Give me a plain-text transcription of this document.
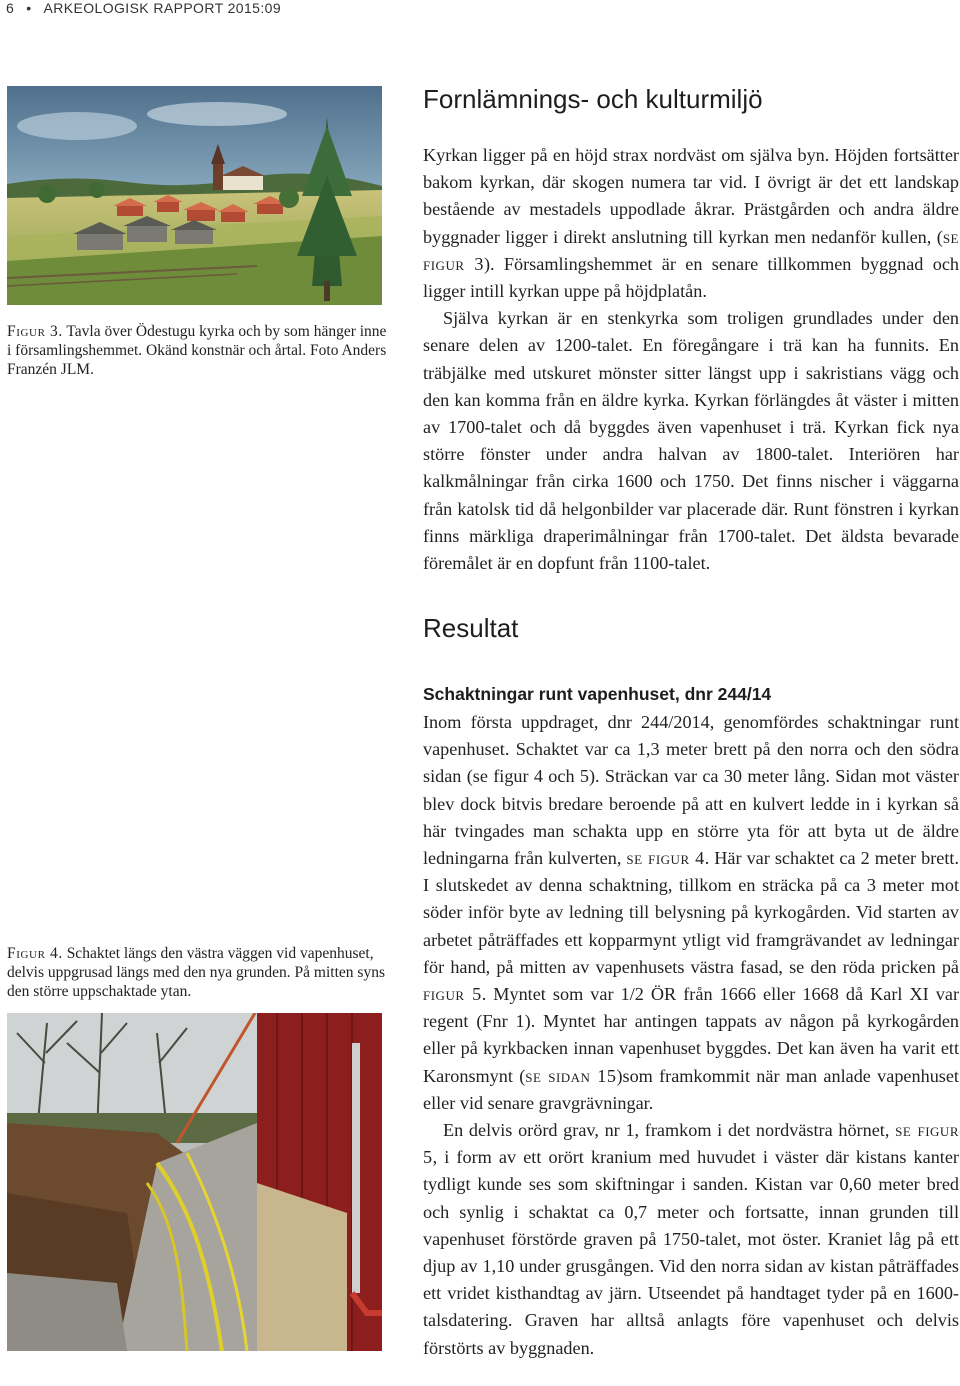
6 • ARKEOLOGISK RAPPORT 2015:09
Figur 3. Tavla över Ödestugu kyrka och by som hänger inne i församlingshemmet. Okänd konstnär och årtal. Foto Anders Franzén JLM.
Figur 4. Schaktet längs den västra väggen vid vapenhuset, delvis uppgrusad längs med den nya grunden. På mitten syns den större uppschaktade ytan.
Fornlämnings- och kulturmiljö

Kyrkan ligger på en höjd strax nordväst om själva byn. Höjden fortsätter bakom kyrkan, där skogen numera tar vid. I övrigt är det ett landskap bestående av mestadels uppodlade åkrar. Prästgården och andra äldre byggnader ligger i direkt anslutning till kyrkan men nedanför kullen, (se figur 3). Församlingshemmet är en senare tillkommen byggnad och ligger intill kyrkan uppe på höjdplatån.

Själva kyrkan är en stenkyrka som troligen grundlades under den senare delen av 1200-talet. En föregångare i trä kan ha funnits. En träbjälke med utskuret mönster sitter längst upp i sakristians vägg och den kan komma från en äldre kyrka. Kyrkan förlängdes åt väster i mitten av 1700-talet och då byggdes även vapenhuset i trä. Kyrkan fick nya större fönster under andra halvan av 1800-talet. Interiören har kalkmålningar från cirka 1600 och 1750. Det finns nischer i väggarna från katolsk tid då helgonbilder var placerade där. Runt fönstren i kyrkan finns märkliga draperimålningar från 1700-talet. Det äldsta bevarade föremålet är en dopfunt från 1100-talet.

Resultat
Schaktningar runt vapenhuset, dnr 244/14

Inom första uppdraget, dnr 244/2014, genomfördes schaktningar runt vapenhuset. Schaktet var ca 1,3 meter brett på den norra och den södra sidan (se figur 4 och 5). Sträckan var ca 30 meter lång. Sidan mot väster blev dock bitvis bredare beroende på att en kulvert ledde in i kyrkan så här tvingades man schakta upp en större yta för att byta ut de äldre ledningarna från kulverten, se figur 4. Här var schaktet ca 2 meter brett. I slutskedet av denna schaktning, tillkom en sträcka på ca 3 meter mot söder inför byte av ledning till belysning på kyrkogården. Vid starten av arbetet påträffades ett kopparmynt ytligt vid framgrävandet av ledningar för hand, på mitten av vapenhusets västra fasad, se den röda pricken på figur 5. Myntet som var 1/2 ÖR från 1666 eller 1668 då Karl XI var regent (Fnr 1). Myntet har antingen tappats av någon på kyrkogården eller på kyrkbacken innan vapenhuset byggdes. Det kan även ha varit ett Karonsmynt (se sidan 15)som framkommit när man anlade vapenhuset eller vid senare gravgrävningar.

En delvis orörd grav, nr 1, framkom i det nordvästra hörnet, se figur 5, i form av ett orört kranium med huvudet i väster där kistans kanter tydligt kunde ses som skiftningar i sanden. Kistan var 0,60 meter bred och synlig i schaktat ca 0,7 meter och fortsatte, innan grunden till vapenhuset förstörde graven på 1750-talet, mot öster. Kraniet låg på ett djup av 1,10 under grusgången. Vid den norra sidan av kistan påträffades ett vridet kisthandtag av järn. Utseendet på handtaget tyder på en 1600-talsdatering. Graven har alltså anlagts före vapenhuset och delvis förstörts av byggnaden.
